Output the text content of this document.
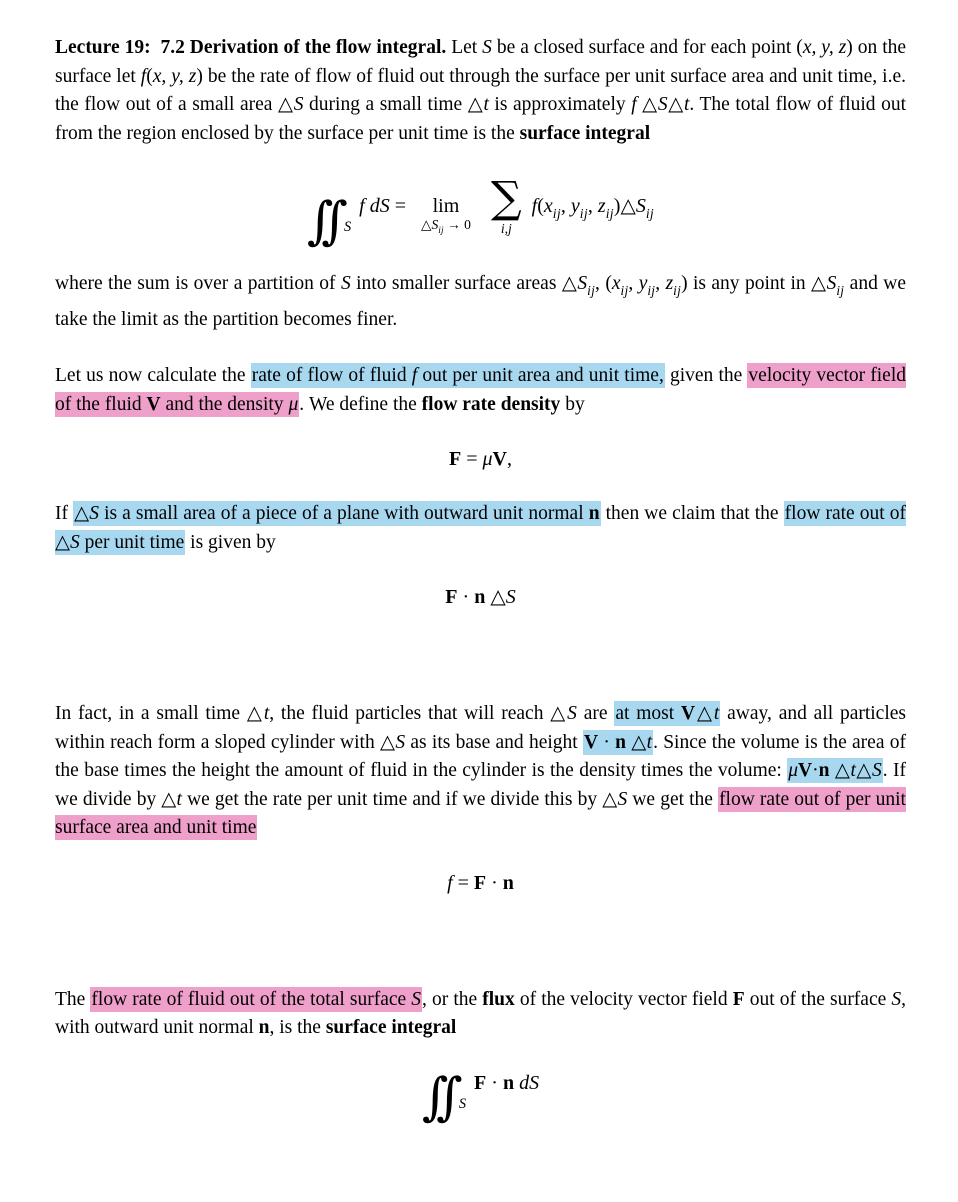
Lecture 19:  7.2 Derivation of the flow integral. Let S be a closed surface and for each point (x, y, z) on the surface let f(x, y, z) be the rate of flow of fluid out through the surface per unit surface area and unit time, i.e. the flow out of a small area △S during a small time △t is approximately f △S△t. The total flow of fluid out from the region enclosed by the surface per unit time is the surface integral
∫∫ $_S$f dS = lim
$\triangle S_{ij} \to 0$
∑
i,j
$f(x_{ij}$, $y_{ij}$, $z_{ij})\triangle S_{ij}$
where the sum is over a partition of S into smaller surface areas $\triangle S_{ij}$, ($x_{ij}$, $y_{ij}$, $z_{ij}$) is any point in $\triangle S_{ij}$ and we take the limit as the partition becomes finer.
Let us now calculate the rate of flow of fluid f out per unit area and unit time, given the velocity vector field of the fluid V and the density μ. We define the flow rate density by
F = μV,
If △S is a small area of a piece of a plane with outward unit normal n then we claim that the flow rate out of △S per unit time is given by
F · n △S
In fact, in a small time △t, the fluid particles that will reach △S are at most V△t away, and all particles within reach form a sloped cylinder with △S as its base and height V · n △t. Since the volume is the area of the base times the height the amount of fluid in the cylinder is the density times the volume: μV·n △t△S. If we divide by △t we get the rate per unit time and if we divide this by △S we get the flow rate out of per unit surface area and unit time
f = F · n
The flow rate of fluid out of the total surface S, or the flux of the velocity vector field F out of the surface S, with outward unit normal n, is the surface integral
∫∫ $_S$F · n dS
